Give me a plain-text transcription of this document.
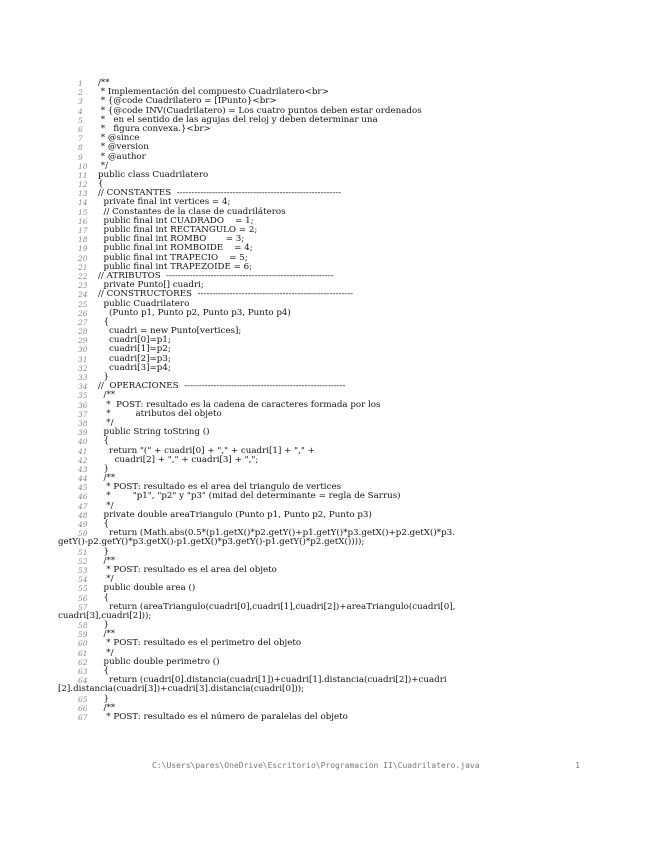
1	/**
2	* Implementación del compuesto Cuadrilatero<br>
3	* {@code Cuadrilatero = [IPunto}<br>
4	* {@code INV(Cuadrilatero) = Los cuatro puntos deben estar ordenados
5	*   en el sentido de las agujas del reloj y deben determinar una
6	*   figura convexa.}<br>
7	* @since
8	* @version
9	* @author
10 */
11 public class Cuadrilatero
12 {
13 // CONSTANTES  --------------------------------------------------------
14 private final int vertices = 4;
15 // Constantes de la clase de cuadriláteros
16 public final int CUADRADO    = 1;
17 public final int RECTANGULO = 2;
18 public final int ROMBO       = 3;
19 public final int ROMBOIDE    = 4;
20 public final int TRAPECIO    = 5;
21 public final int TRAPEZOIDE = 6;
22 // ATRIBUTOS  ---------------------------------------------------------
23 private Punto[] cuadri;
24 // CONSTRUCTORES  -----------------------------------------------------
25 public Cuadrilatero
26 (Punto p1, Punto p2, Punto p3, Punto p4)
27 {
28 cuadri = new Punto[vertices];
29 cuadri[0]=p1;
30 cuadri[1]=p2;
31 cuadri[2]=p3;
32 cuadri[3]=p4;
33 }
34 //  OPERACIONES  -------------------------------------------------------
35 /**
36 *  POST: resultado es la cadena de caracteres formada por los
37 *         atributos del objeto
38 */
39 public String toString ()
40 {
41 return "(" + cuadri[0] + "," + cuadri[1] + "," +
42 cuadri[2] + "," + cuadri[3] + ",";
43 }
44 /**
45 * POST: resultado es el area del triangulo de vertices
46 *        "p1", "p2" y "p3" (mitad del determinante = regla de Sarrus)
47 */
48 private double areaTriangulo (Punto p1, Punto p2, Punto p3)
49 {
50 return (Math.abs(0.5*(p1.getX()*p2.getY()+p1.getY()*p3.getX()+p2.getX()*p3.
getY()-p2.getY()*p3.getX()-p1.getX()*p3.getY()-p1.getY()*p2.getX())));
51 }
52 /**
53 * POST: resultado es el area del objeto
54 */
55 public double area ()
56 {
57 return (areaTriangulo(cuadri[0],cuadri[1],cuadri[2])+areaTriangulo(cuadri[0],
cuadri[3],cuadri[2]));
58 }
59 /**
60 * POST: resultado es el perimetro del objeto
61 */
62 public double perimetro ()
63 {
64 return (cuadri[0].distancia(cuadri[1])+cuadri[1].distancia(cuadri[2])+cuadri
[2].distancia(cuadri[3])+cuadri[3].distancia(cuadri[0]));
65 }
66 /**
67 * POST: resultado es el número de paralelas del objeto

C:\Users\pares\OneDrive\Escritorio\Programacion II\Cuadrilatero.java

	1
